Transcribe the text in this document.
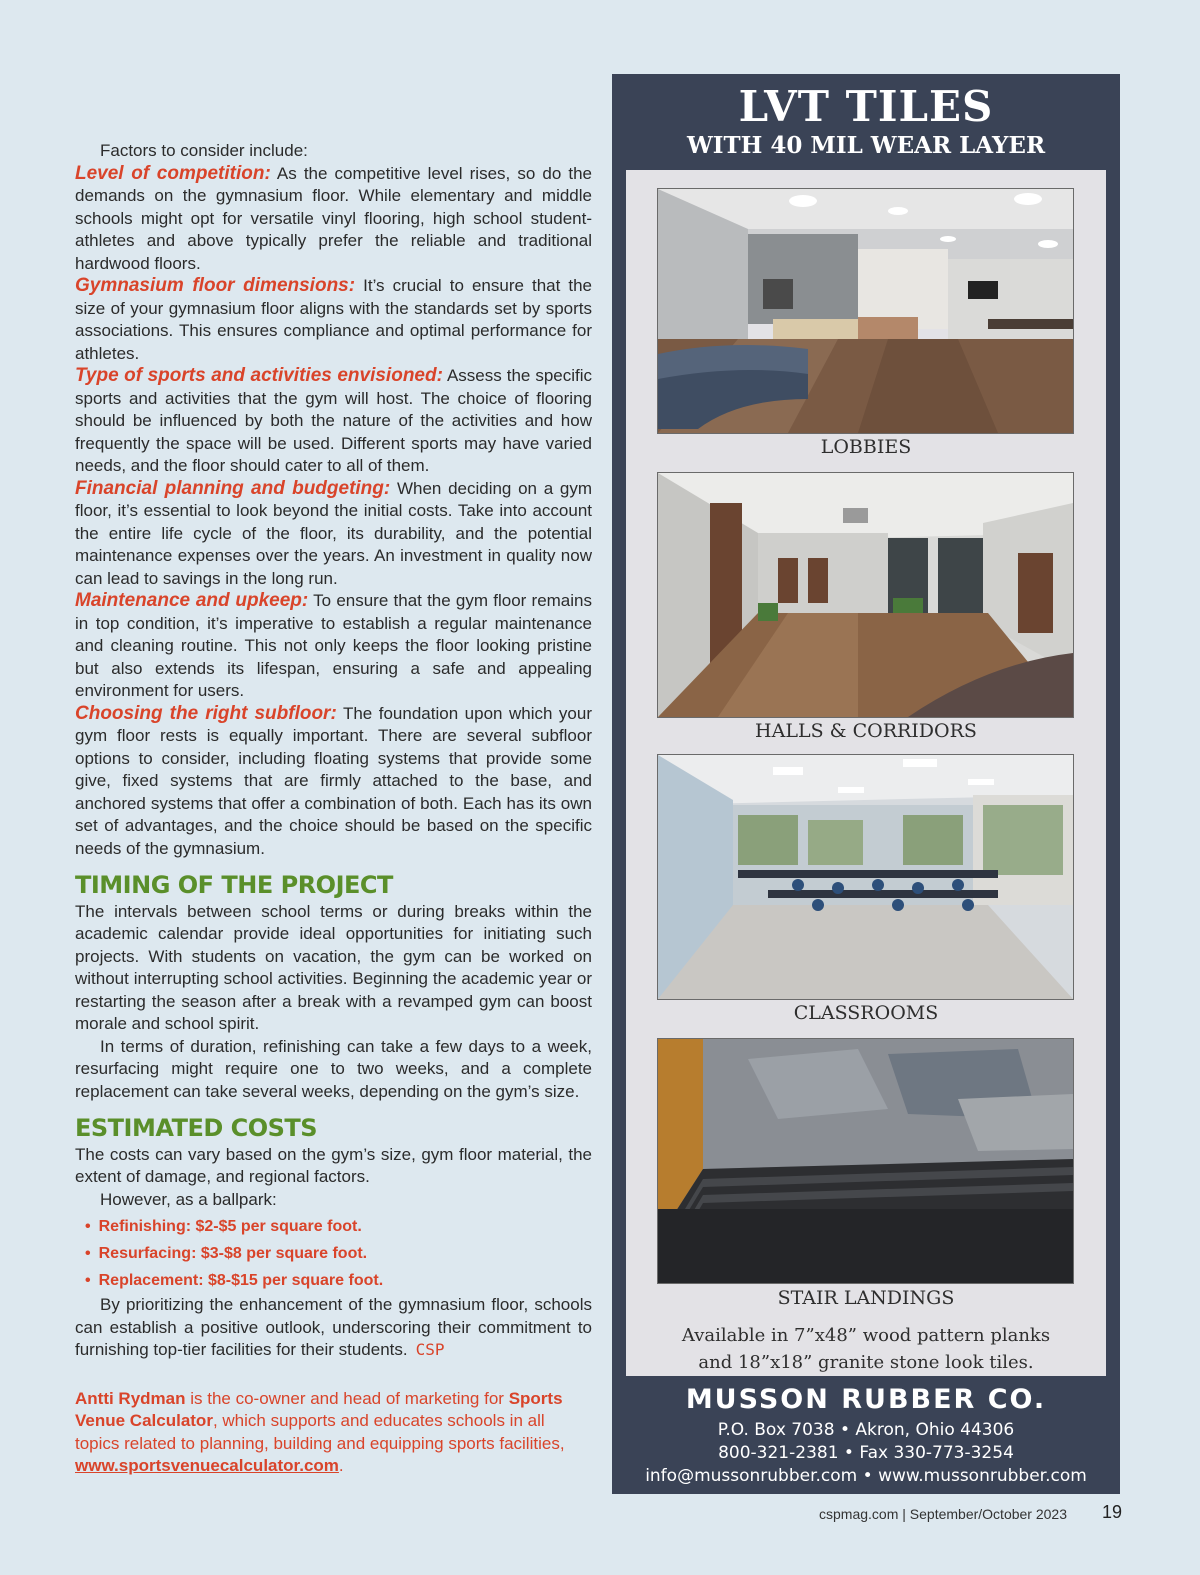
Factors to consider include:

Level of competition: As the competitive level rises, so do the demands on the gymnasium floor. While elementary and middle schools might opt for versatile vinyl flooring, high school student-athletes and above typically prefer the reliable and traditional hardwood floors.

Gymnasium floor dimensions: It’s crucial to ensure that the size of your gymnasium floor aligns with the standards set by sports associations. This ensures compliance and optimal performance for athletes.

Type of sports and activities envisioned: Assess the specific sports and activities that the gym will host. The choice of flooring should be influenced by both the nature of the activities and how frequently the space will be used. Different sports may have varied needs, and the floor should cater to all of them.

Financial planning and budgeting: When deciding on a gym floor, it’s essential to look beyond the initial costs. Take into account the entire life cycle of the floor, its durability, and the potential maintenance expenses over the years. An investment in quality now can lead to savings in the long run.

Maintenance and upkeep: To ensure that the gym floor remains in top condition, it’s imperative to establish a regular maintenance and cleaning routine. This not only keeps the floor looking pristine but also extends its lifespan, ensuring a safe and appealing environment for users.

Choosing the right subfloor: The foundation upon which your gym floor rests is equally important. There are several subfloor options to consider, including floating systems that provide some give, fixed systems that are firmly attached to the base, and anchored systems that offer a combination of both. Each has its own set of advantages, and the choice should be based on the specific needs of the gymnasium.

TIMING OF THE PROJECT

The intervals between school terms or during breaks within the academic calendar provide ideal opportunities for initiating such projects. With students on vacation, the gym can be worked on without interrupting school activities. Beginning the academic year or restarting the season after a break with a revamped gym can boost morale and school spirit.

In terms of duration, refinishing can take a few days to a week, resurfacing might require one to two weeks, and a complete replacement can take several weeks, depending on the gym’s size.

ESTIMATED COSTS

The costs can vary based on the gym’s size, gym floor material, the extent of damage, and regional factors.

However, as a ballpark:

• Refinishing: $2-$5 per square foot.
• Resurfacing: $3-$8 per square foot.
• Replacement: $8-$15 per square foot.

By prioritizing the enhancement of the gymnasium floor, schools can establish a positive outlook, underscoring their commitment to furnishing top-tier facilities for their students. CSP

Antti Rydman is the co-owner and head of marketing for Sports Venue Calculator, which supports and educates schools in all topics related to planning, building and equipping sports facilities, www.sportsvenuecalculator.com.
LVT TILES
WITH 40 MIL WEAR LAYER
LOBBIES
HALLS & CORRIDORS
CLASSROOMS
STAIR LANDINGS
Available in 7”x48” wood pattern planks
and 18”x18” granite stone look tiles.
MUSSON RUBBER CO.
P.O. Box 7038 • Akron, Ohio 44306
800-321-2381 • Fax 330-773-3254
info@mussonrubber.com • www.mussonrubber.com
cspmag.com | September/October 2023 19
